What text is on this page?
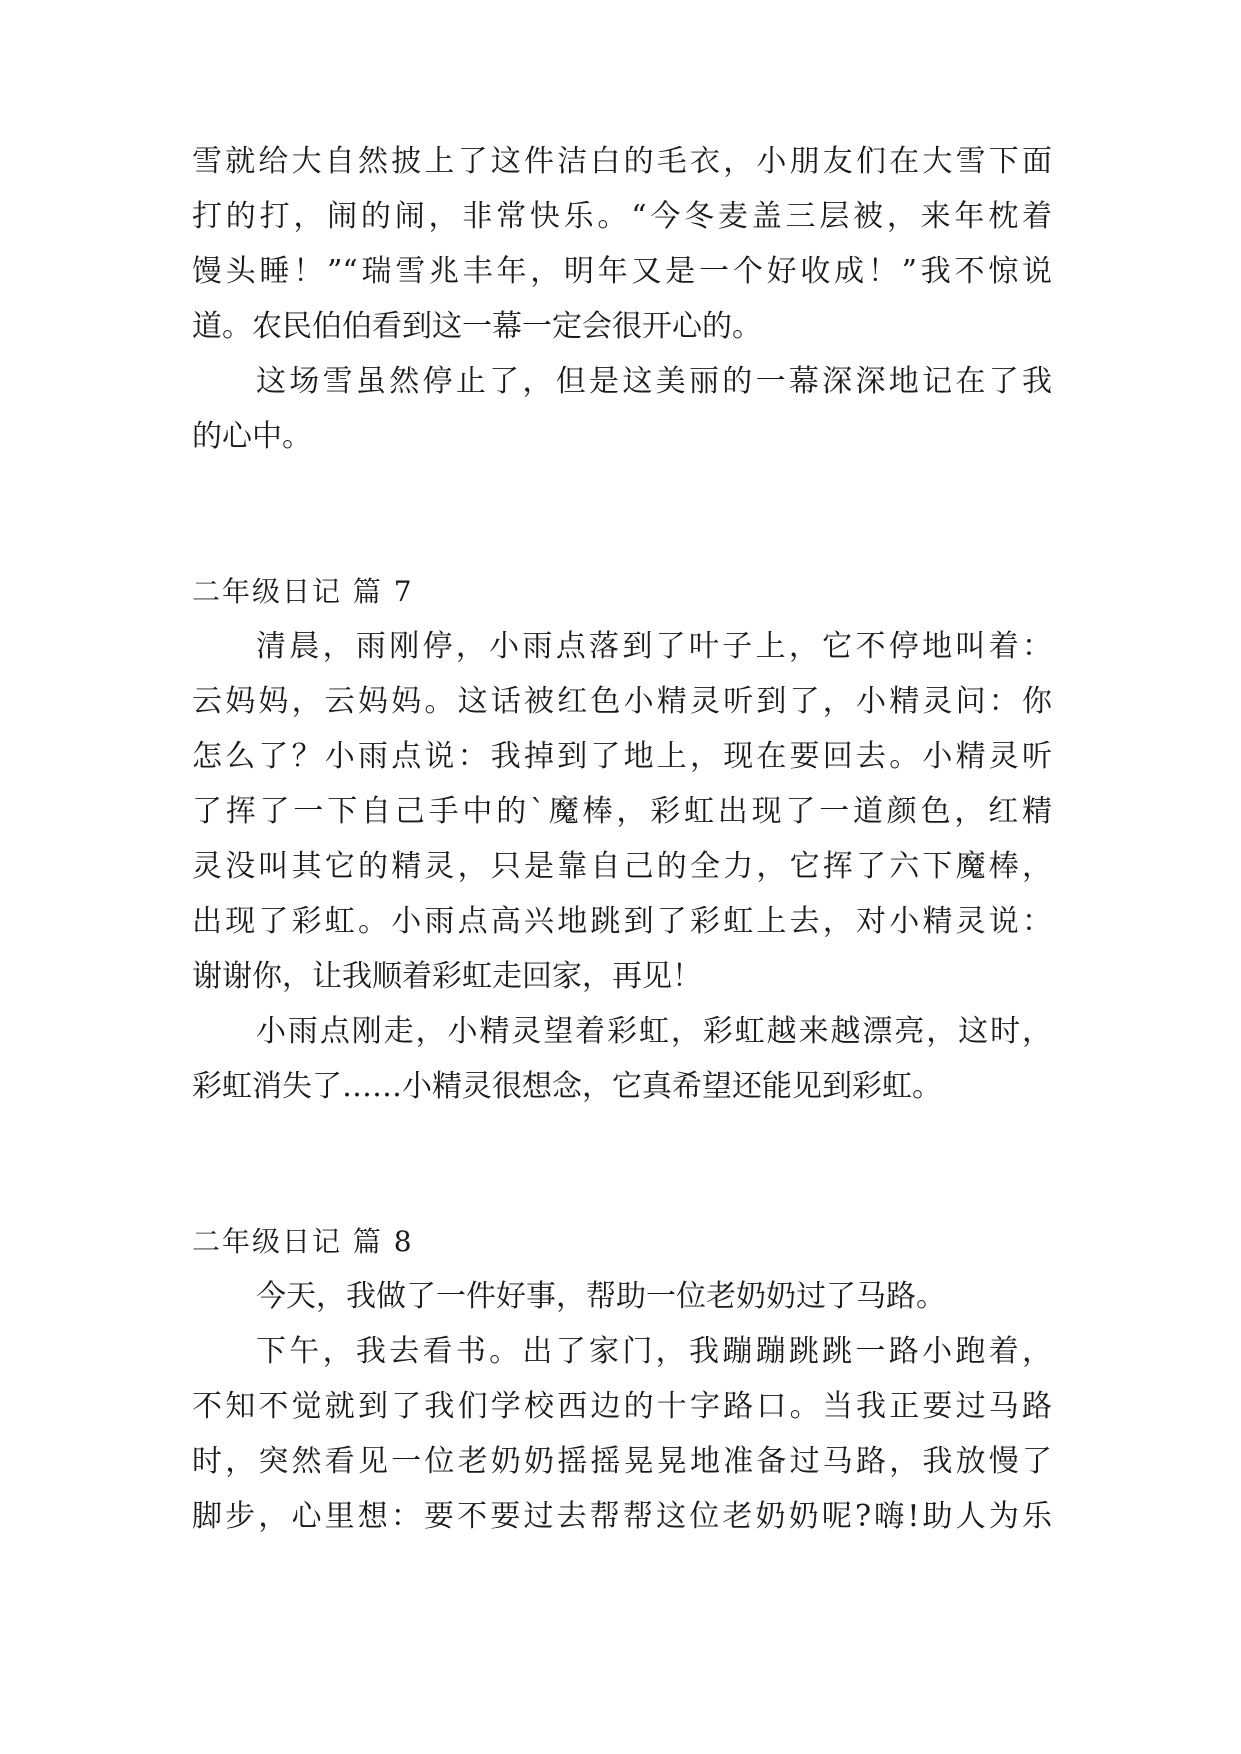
雪就给大自然披上了这件洁白的毛衣，小朋友们在大雪下面
打的打，闹的闹，非常快乐。“今冬麦盖三层被，来年枕着
馒头睡！”“瑞雪兆丰年，明年又是一个好收成！”我不惊说
道。农民伯伯看到这一幕一定会很开心的。
这场雪虽然停止了，但是这美丽的一幕深深地记在了我
的心中。
二年级日记 篇 7
清晨，雨刚停，小雨点落到了叶子上，它不停地叫着：
云妈妈，云妈妈。这话被红色小精灵听到了，小精灵问：你
怎么了？小雨点说：我掉到了地上，现在要回去。小精灵听
了挥了一下自己手中的`魔棒，彩虹出现了一道颜色，红精
灵没叫其它的精灵，只是靠自己的全力，它挥了六下魔棒，
出现了彩虹。小雨点高兴地跳到了彩虹上去，对小精灵说：
谢谢你，让我顺着彩虹走回家，再见！
小雨点刚走，小精灵望着彩虹，彩虹越来越漂亮，这时，
彩虹消失了……小精灵很想念，它真希望还能见到彩虹。
二年级日记 篇 8
今天，我做了一件好事，帮助一位老奶奶过了马路。
下午，我去看书。出了家门，我蹦蹦跳跳一路小跑着，
不知不觉就到了我们学校西边的十字路口。当我正要过马路
时，突然看见一位老奶奶摇摇晃晃地准备过马路，我放慢了
脚步，心里想：要不要过去帮帮这位老奶奶呢?嗨!助人为乐
